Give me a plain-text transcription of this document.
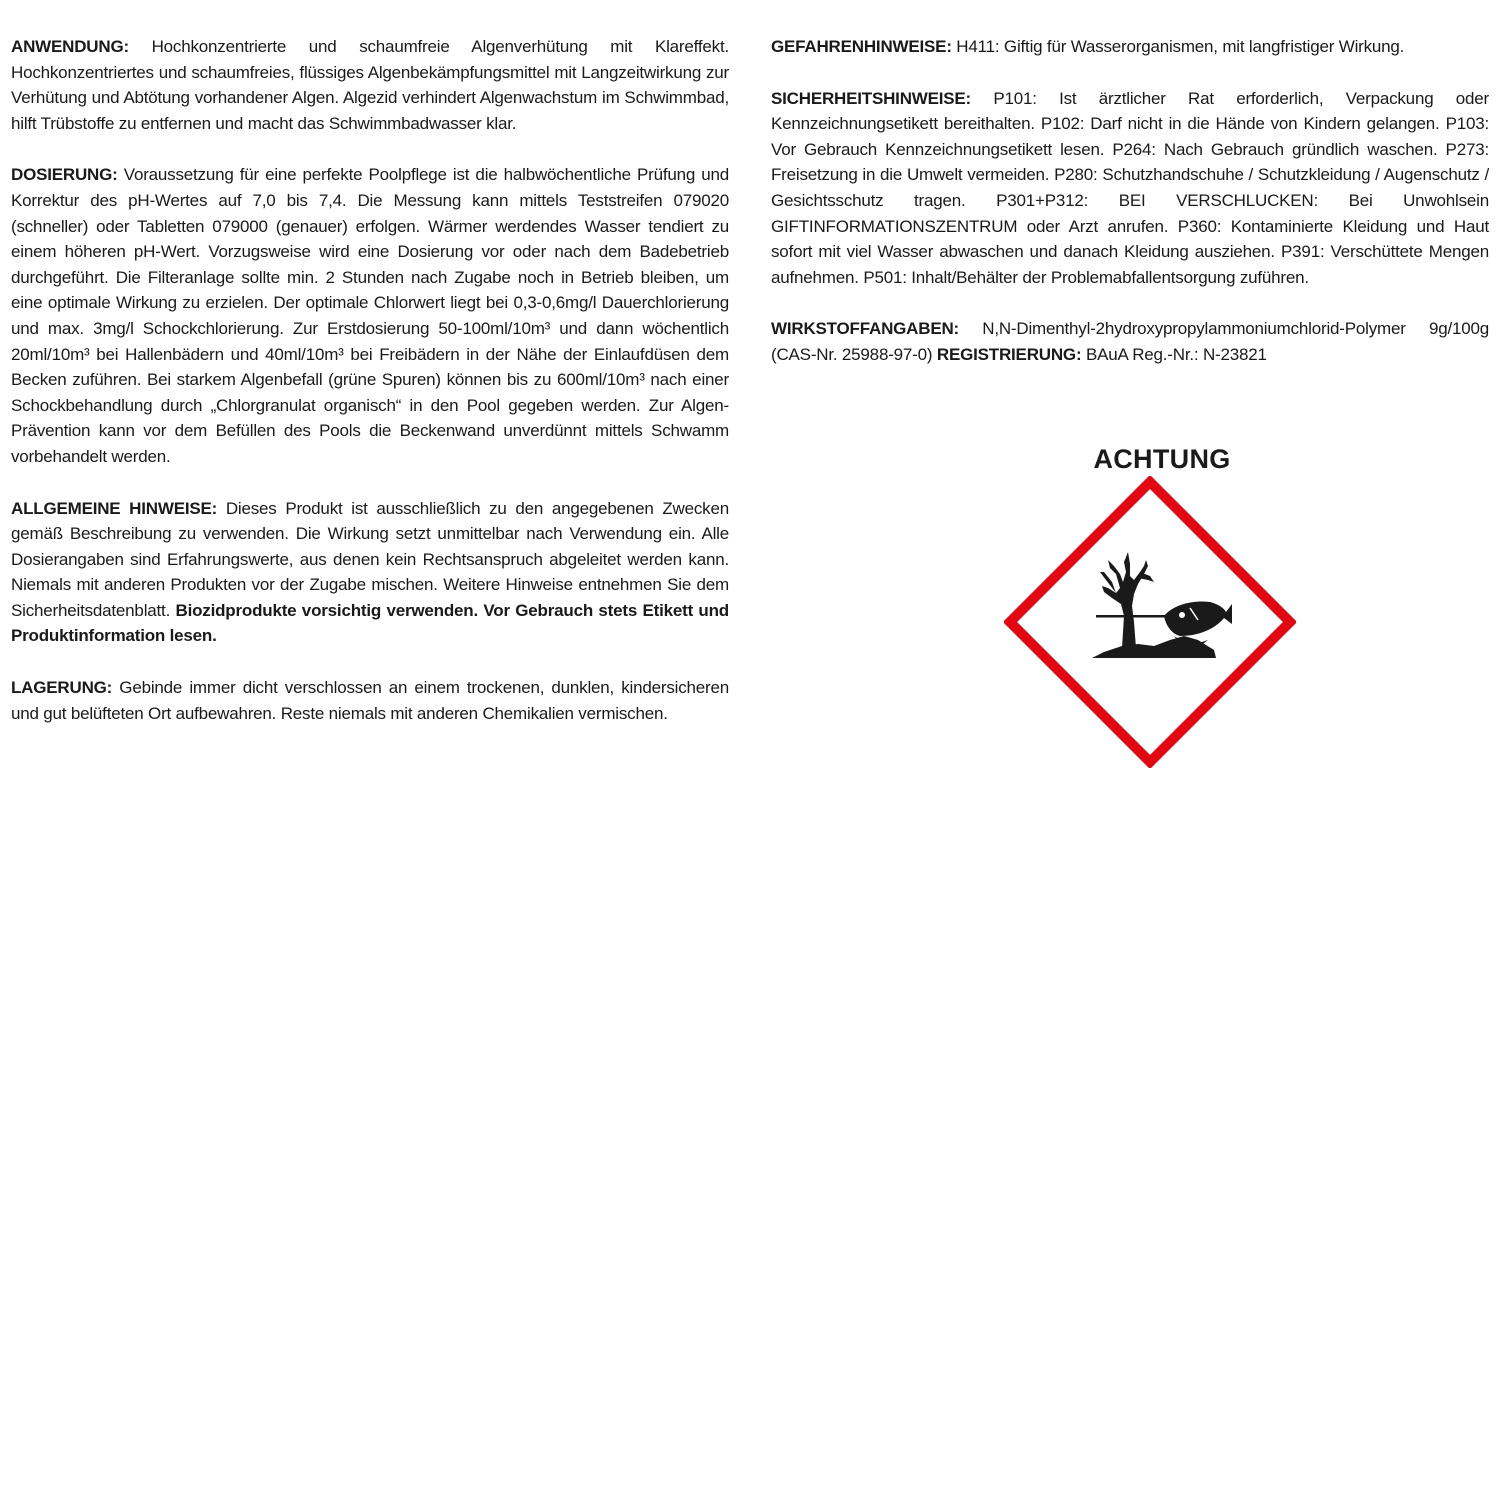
ANWENDUNG: Hochkonzentrierte und schaumfreie Algenverhütung mit Klareffekt. Hochkonzentriertes und schaumfreies, flüssiges Algenbekämpfungsmittel mit Langzeitwirkung zur Verhütung und Abtötung vorhandener Algen. Algezid verhindert Algenwachstum im Schwimmbad, hilft Trübstoffe zu entfernen und macht das Schwimmbadwasser klar.

DOSIERUNG: Voraussetzung für eine perfekte Poolpflege ist die halbwöchentliche Prüfung und Korrektur des pH-Wertes auf 7,0 bis 7,4. Die Messung kann mittels Teststreifen 079020 (schneller) oder Tabletten 079000 (genauer) erfolgen. Wärmer werdendes Wasser tendiert zu einem höheren pH-Wert. Vorzugsweise wird eine Dosierung vor oder nach dem Badebetrieb durchgeführt. Die Filteranlage sollte min. 2 Stunden nach Zugabe noch in Betrieb bleiben, um eine optimale Wirkung zu erzielen. Der optimale Chlorwert liegt bei 0,3-0,6mg/l Dauerchlorierung und max. 3mg/l Schockchlorierung. Zur Erstdosierung 50-100ml/10m³ und dann wöchentlich 20ml/10m³ bei Hallenbädern und 40ml/10m³ bei Freibädern in der Nähe der Einlaufdüsen dem Becken zuführen. Bei starkem Algenbefall (grüne Spuren) können bis zu 600ml/10m³ nach einer Schockbehandlung durch „Chlorgranulat organisch“ in den Pool gegeben werden. Zur Algen-Prävention kann vor dem Befüllen des Pools die Beckenwand unverdünnt mittels Schwamm vorbehandelt werden.

ALLGEMEINE HINWEISE: Dieses Produkt ist ausschließlich zu den angegebenen Zwecken gemäß Beschreibung zu verwenden. Die Wirkung setzt unmittelbar nach Verwendung ein. Alle Dosierangaben sind Erfahrungswerte, aus denen kein Rechtsanspruch abgeleitet werden kann. Niemals mit anderen Produkten vor der Zugabe mischen. Weitere Hinweise entnehmen Sie dem Sicherheitsdatenblatt. Biozidprodukte vorsichtig verwenden. Vor Gebrauch stets Etikett und Produktinformation lesen.

LAGERUNG: Gebinde immer dicht verschlossen an einem trockenen, dunklen, kindersicheren und gut belüfteten Ort aufbewahren. Reste niemals mit anderen Chemikalien vermischen.

GEFAHRENHINWEISE: H411: Giftig für Wasserorganismen, mit langfristiger Wirkung.

SICHERHEITSHINWEISE: P101: Ist ärztlicher Rat erforderlich, Verpackung oder Kennzeichnungsetikett bereithalten. P102: Darf nicht in die Hände von Kindern gelangen. P103: Vor Gebrauch Kennzeichnungsetikett lesen. P264: Nach Gebrauch gründlich waschen. P273: Freisetzung in die Umwelt vermeiden. P280: Schutzhandschuhe / Schutzkleidung / Augenschutz / Gesichtsschutz tragen. P301+P312: BEI VERSCHLUCKEN: Bei Unwohlsein GIFTINFORMATIONSZENTRUM oder Arzt anrufen. P360: Kontaminierte Kleidung und Haut sofort mit viel Wasser abwaschen und danach Kleidung ausziehen. P391: Verschüttete Mengen aufnehmen. P501: Inhalt/Behälter der Problemabfallentsorgung zuführen.

WIRKSTOFFANGABEN: N,N-Dimenthyl-2hydroxypropylammoniumchlorid-Polymer 9g/100g (CAS-Nr. 25988-97-0) REGISTRIERUNG: BAuA Reg.-Nr.: N-23821

ACHTUNG
